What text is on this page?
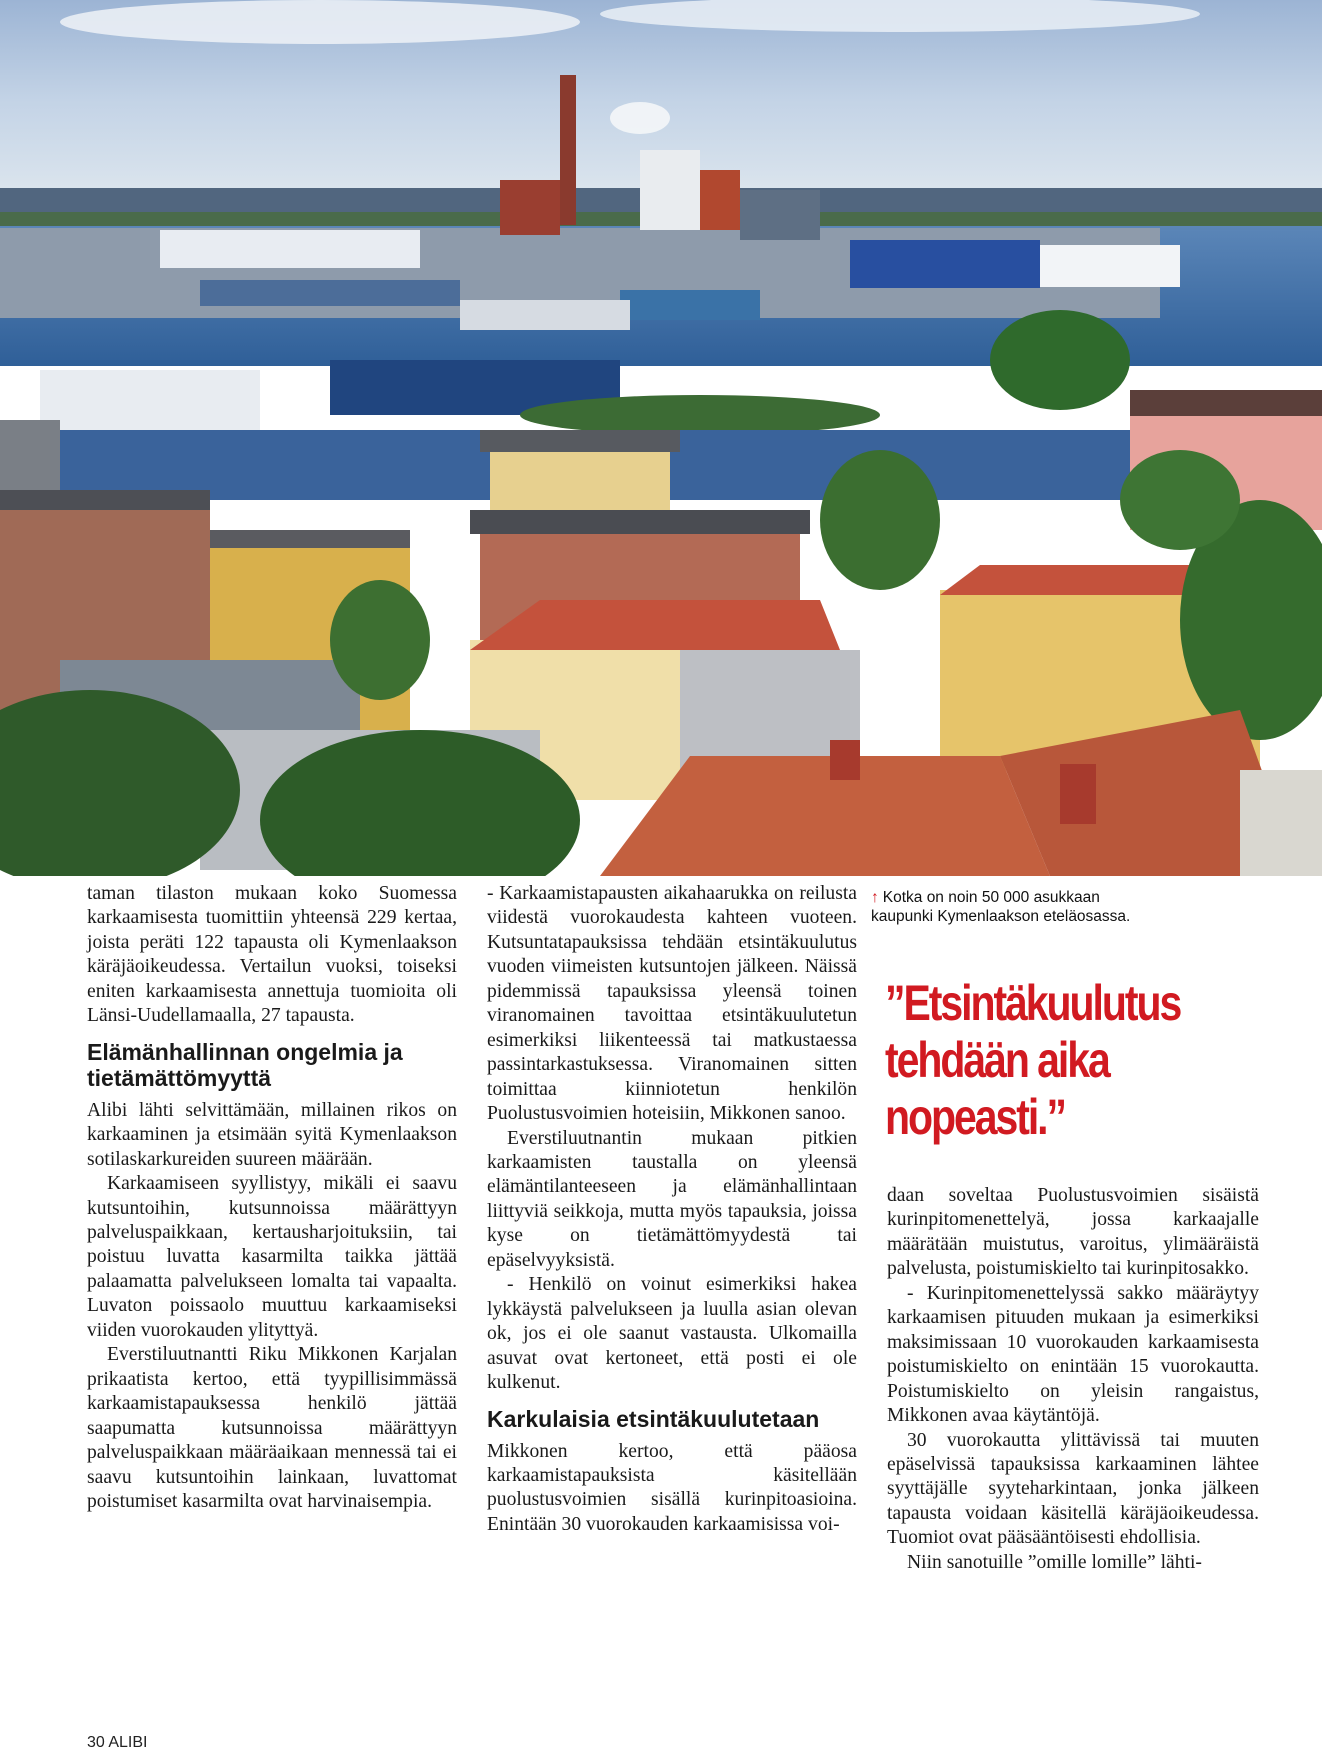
taman tilaston mukaan koko Suomessa karkaamisesta tuomittiin yhteensä 229 kertaa, joista peräti 122 tapausta oli Kymenlaakson käräjäoikeudessa. Vertailun vuoksi, toiseksi eniten karkaamisesta annettuja tuomioita oli Länsi-Uudellamaalla, 27 tapausta.

Elämänhallinnan ongelmia ja tietämättömyyttä

Alibi lähti selvittämään, millainen rikos on karkaaminen ja etsimään syitä Kymenlaakson sotilaskarkureiden suureen määrään.

Karkaamiseen syyllistyy, mikäli ei saavu kutsuntoihin, kutsunnoissa määrättyyn palveluspaikkaan, kertausharjoituksiin, tai poistuu luvatta kasarmilta taikka jättää palaamatta palvelukseen lomalta tai vapaalta. Luvaton poissaolo muuttuu karkaamiseksi viiden vuorokauden ylityttyä.

Everstiluutnantti Riku Mikkonen Karjalan prikaatista kertoo, että tyypillisimmässä karkaamistapauksessa henkilö jättää saapumatta kutsunnoissa määrättyyn palveluspaikkaan määräaikaan mennessä tai ei saavu kutsuntoihin lainkaan, luvattomat poistumiset kasarmilta ovat harvinaisempia.

- Karkaamistapausten aikahaarukka on reilusta viidestä vuorokaudesta kahteen vuoteen. Kutsuntatapauksissa tehdään etsintäkuulutus vuoden viimeisten kutsuntojen jälkeen. Näissä pidemmissä tapauksissa yleensä toinen viranomainen tavoittaa etsintäkuulutetun esimerkiksi liikenteessä tai matkustaessa passintarkastuksessa. Viranomainen sitten toimittaa kiinniotetun henkilön Puolustusvoimien hoteisiin, Mikkonen sanoo.

Everstiluutnantin mukaan pitkien karkaamisten taustalla on yleensä elämäntilanteeseen ja elämänhallintaan liittyviä seikkoja, mutta myös tapauksia, joissa kyse on tietämättömyydestä tai epäselvyyksistä.

- Henkilö on voinut esimerkiksi hakea lykkäystä palvelukseen ja luulla asian olevan ok, jos ei ole saanut vastausta. Ulkomailla asuvat ovat kertoneet, että posti ei ole kulkenut.

Karkulaisia etsintäkuulutetaan

Mikkonen kertoo, että pääosa karkaamistapauksista käsitellään puolustusvoimien sisällä kurinpitoasioina. Enintään 30 vuorokauden karkaamisissa voi-

↑ Kotka on noin 50 000 asukkaan kaupunki Kymenlaakson eteläosassa.
”Etsintäkuulutus tehdään aika nopeasti.”

daan soveltaa Puolustusvoimien sisäistä kurinpitomenettelyä, jossa karkaajalle määrätään muistutus, varoitus, ylimääräistä palvelusta, poistumiskielto tai kurinpitosakko.

- Kurinpitomenettelyssä sakko määräytyy karkaamisen pituuden mukaan ja esimerkiksi maksimissaan 10 vuorokauden karkaamisesta poistumiskielto on enintään 15 vuorokautta. Poistumiskielto on yleisin rangaistus, Mikkonen avaa käytäntöjä.

30 vuorokautta ylittävissä tai muuten epäselvissä tapauksissa karkaaminen lähtee syyttäjälle syyteharkintaan, jonka jälkeen tapausta voidaan käsitellä käräjäoikeudessa. Tuomiot ovat pääsääntöisesti ehdollisia.

Niin sanotuille ”omille lomille” lähti-

30 ALIBI
